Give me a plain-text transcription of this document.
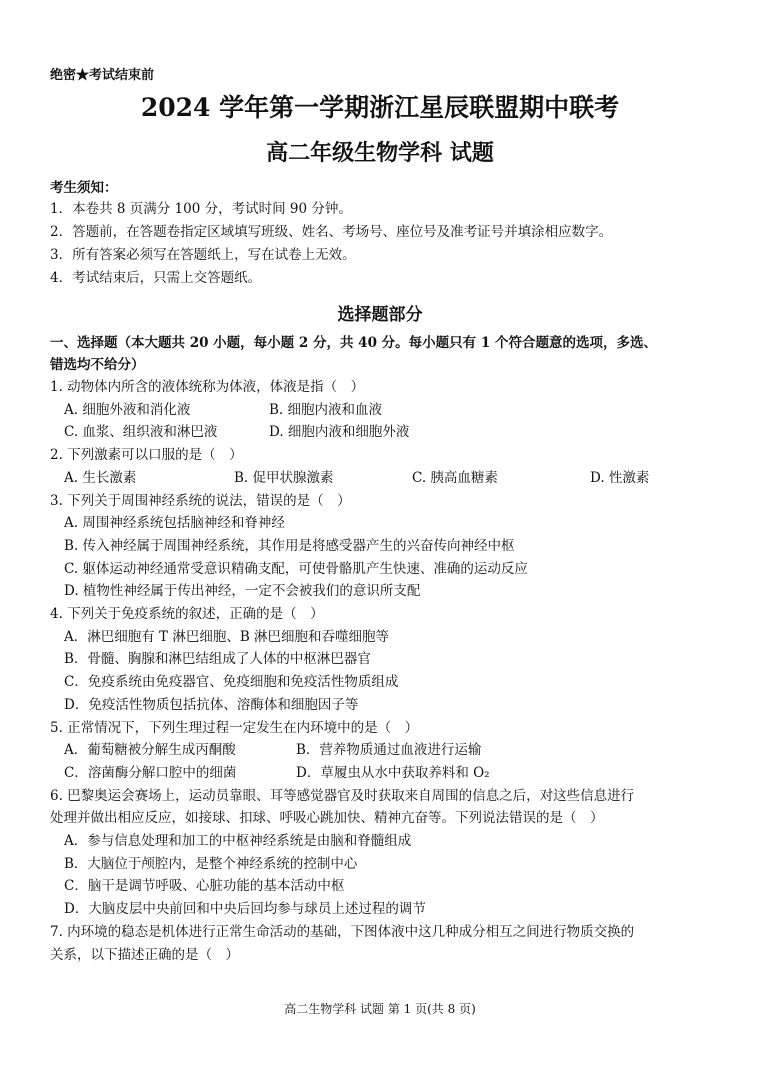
绝密★考试结束前
2024 学年第一学期浙江星辰联盟期中联考
高二年级生物学科 试题
考生须知：
1．本卷共 8 页满分 100 分，考试时间 90 分钟。
2．答题前，在答题卷指定区域填写班级、姓名、考场号、座位号及准考证号并填涂相应数字。
3．所有答案必须写在答题纸上，写在试卷上无效。
4．考试结束后，只需上交答题纸。
选择题部分
一、选择题（本大题共 20 小题，每小题 2 分，共 40 分。每小题只有 1 个符合题意的选项，多选、
错选均不给分）
1. 动物体内所含的液体统称为体液，体液是指（　）
A. 细胞外液和消化液	B. 细胞内液和血液
C. 血浆、组织液和淋巴液	D. 细胞内液和细胞外液
2. 下列激素可以口服的是（　）
A. 生长激素	B. 促甲状腺激素	C. 胰高血糖素	D. 性激素
3. 下列关于周围神经系统的说法，错误的是（　）
A. 周围神经系统包括脑神经和脊神经
B. 传入神经属于周围神经系统，其作用是将感受器产生的兴奋传向神经中枢
C. 躯体运动神经通常受意识精确支配，可使骨骼肌产生快速、准确的运动反应
D. 植物性神经属于传出神经，一定不会被我们的意识所支配
4. 下列关于免疫系统的叙述，正确的是（　）
A．淋巴细胞有 T 淋巴细胞、B 淋巴细胞和吞噬细胞等
B．骨髓、胸腺和淋巴结组成了人体的中枢淋巴器官
C．免疫系统由免疫器官、免疫细胞和免疫活性物质组成
D．免疫活性物质包括抗体、溶酶体和细胞因子等
5. 正常情况下，下列生理过程一定发生在内环境中的是（　）
A．葡萄糖被分解生成丙酮酸	B．营养物质通过血液进行运输
C．溶菌酶分解口腔中的细菌	D．草履虫从水中获取养料和 O₂
6. 巴黎奥运会赛场上，运动员靠眼、耳等感觉器官及时获取来自周围的信息之后，对这些信息进行
处理并做出相应反应，如接球、扣球、呼吸心跳加快、精神亢奋等。下列说法错误的是（　）
A．参与信息处理和加工的中枢神经系统是由脑和脊髓组成
B．大脑位于颅腔内，是整个神经系统的控制中心
C．脑干是调节呼吸、心脏功能的基本活动中枢
D．大脑皮层中央前回和中央后回均参与球员上述过程的调节
7. 内环境的稳态是机体进行正常生命活动的基础，下图体液中这几种成分相互之间进行物质交换的
关系，以下描述正确的是（　）
高二生物学科 试题 第 1 页(共 8 页)
